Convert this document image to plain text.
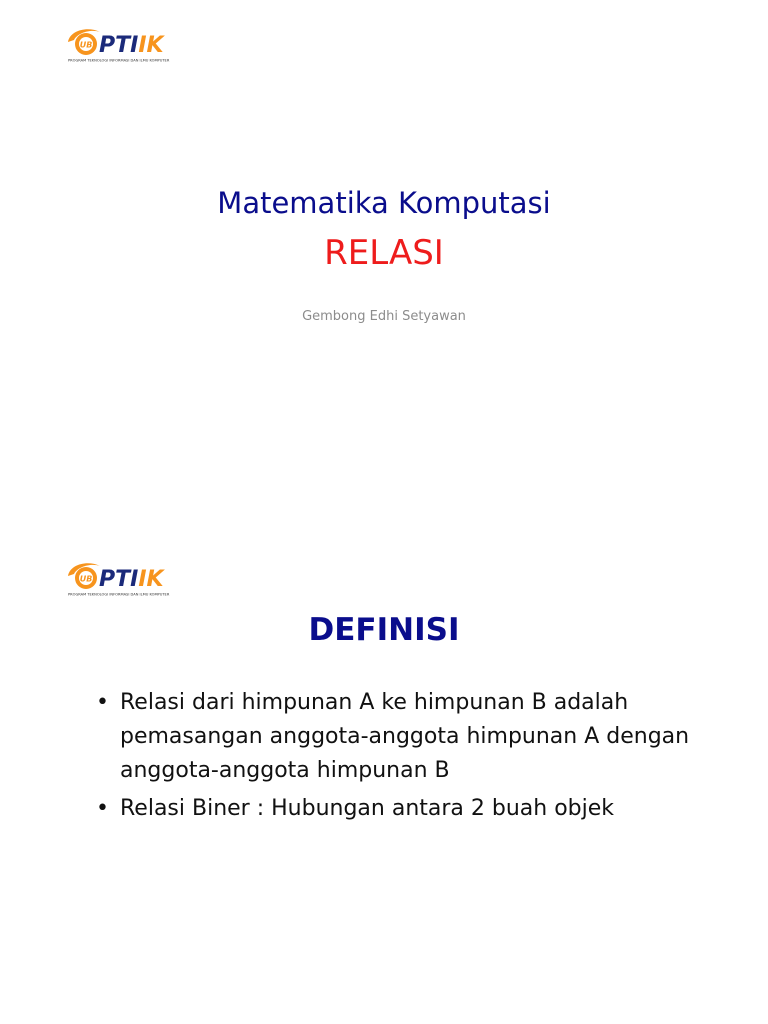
UB PTIIK
PROGRAM TEKNOLOGI INFORMASI DAN ILMU KOMPUTER
Matematika Komputasi
RELASI
Gembong Edhi Setyawan
UB PTIIK
PROGRAM TEKNOLOGI INFORMASI DAN ILMU KOMPUTER
DEFINISI
• Relasi dari himpunan A ke himpunan B adalah pemasangan anggota-anggota himpunan A dengan anggota-anggota himpunan B
• Relasi Biner : Hubungan antara 2 buah objek
